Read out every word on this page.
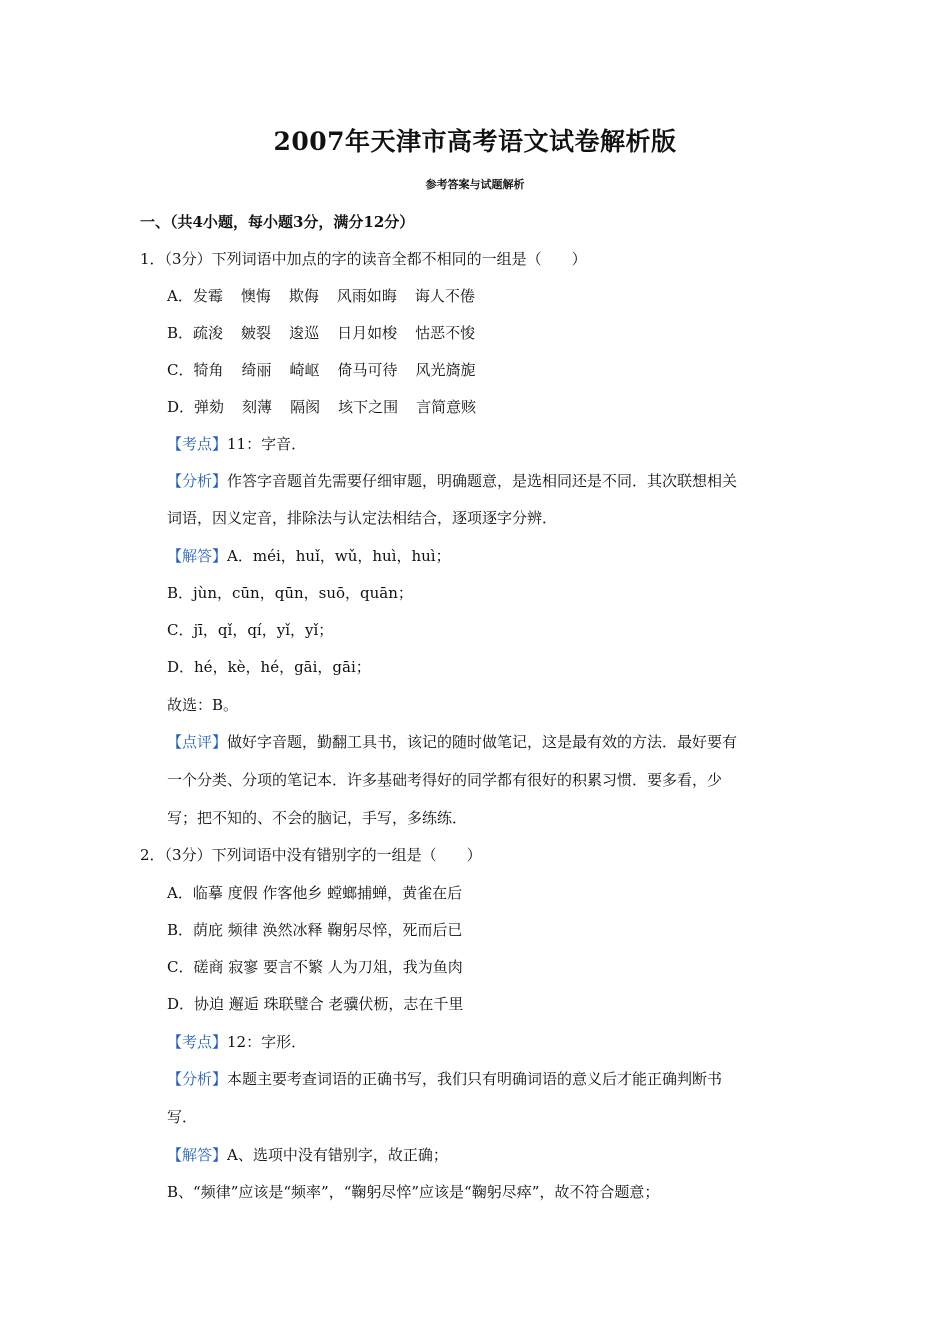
2007年天津市高考语文试卷解析版
参考答案与试题解析
一、（共4小题，每小题3分，满分12分）
1．（3分）下列词语中加点的字的读音全都不相同的一组是（　　）
A．发霉 懊悔 欺侮 风雨如晦 诲人不倦
B．疏浚 皴裂 逡巡 日月如梭 怙恶不悛
C．犄角 绮丽 崎岖 倚马可待 风光旖旎
D．弹劾 刻薄 隔阂 垓下之围 言简意赅
【考点】11：字音．
【分析】作答字音题首先需要仔细审题，明确题意，是选相同还是不同．其次联想相关
词语，因义定音，排除法与认定法相结合，逐项逐字分辨．
【解答】A．méi，huǐ，wǔ，huì，huì；
B．jùn，cūn，qūn，suō，quān；
C．jī，qǐ，qí，yǐ，yǐ；
D．hé，kè，hé，gāi，gāi；
故选：B。
【点评】做好字音题，勤翻工具书，该记的随时做笔记，这是最有效的方法．最好要有
一个分类、分项的笔记本．许多基础考得好的同学都有很好的积累习惯．要多看，少
写；把不知的、不会的脑记，手写，多练练．
2．（3分）下列词语中没有错别字的一组是（　　）
A．临摹 度假 作客他乡 螳螂捕蝉，黄雀在后
B．荫庇 频律 涣然冰释 鞠躬尽悴，死而后已
C．磋商 寂寥 要言不繁 人为刀俎，我为鱼肉
D．协迫 邂逅 珠联璧合 老骥伏枥，志在千里
【考点】12：字形．
【分析】本题主要考查词语的正确书写，我们只有明确词语的意义后才能正确判断书
写．
【解答】A、选项中没有错别字，故正确；
B、“频律”应该是“频率”，“鞠躬尽悴”应该是“鞠躬尽瘁”，故不符合题意；
